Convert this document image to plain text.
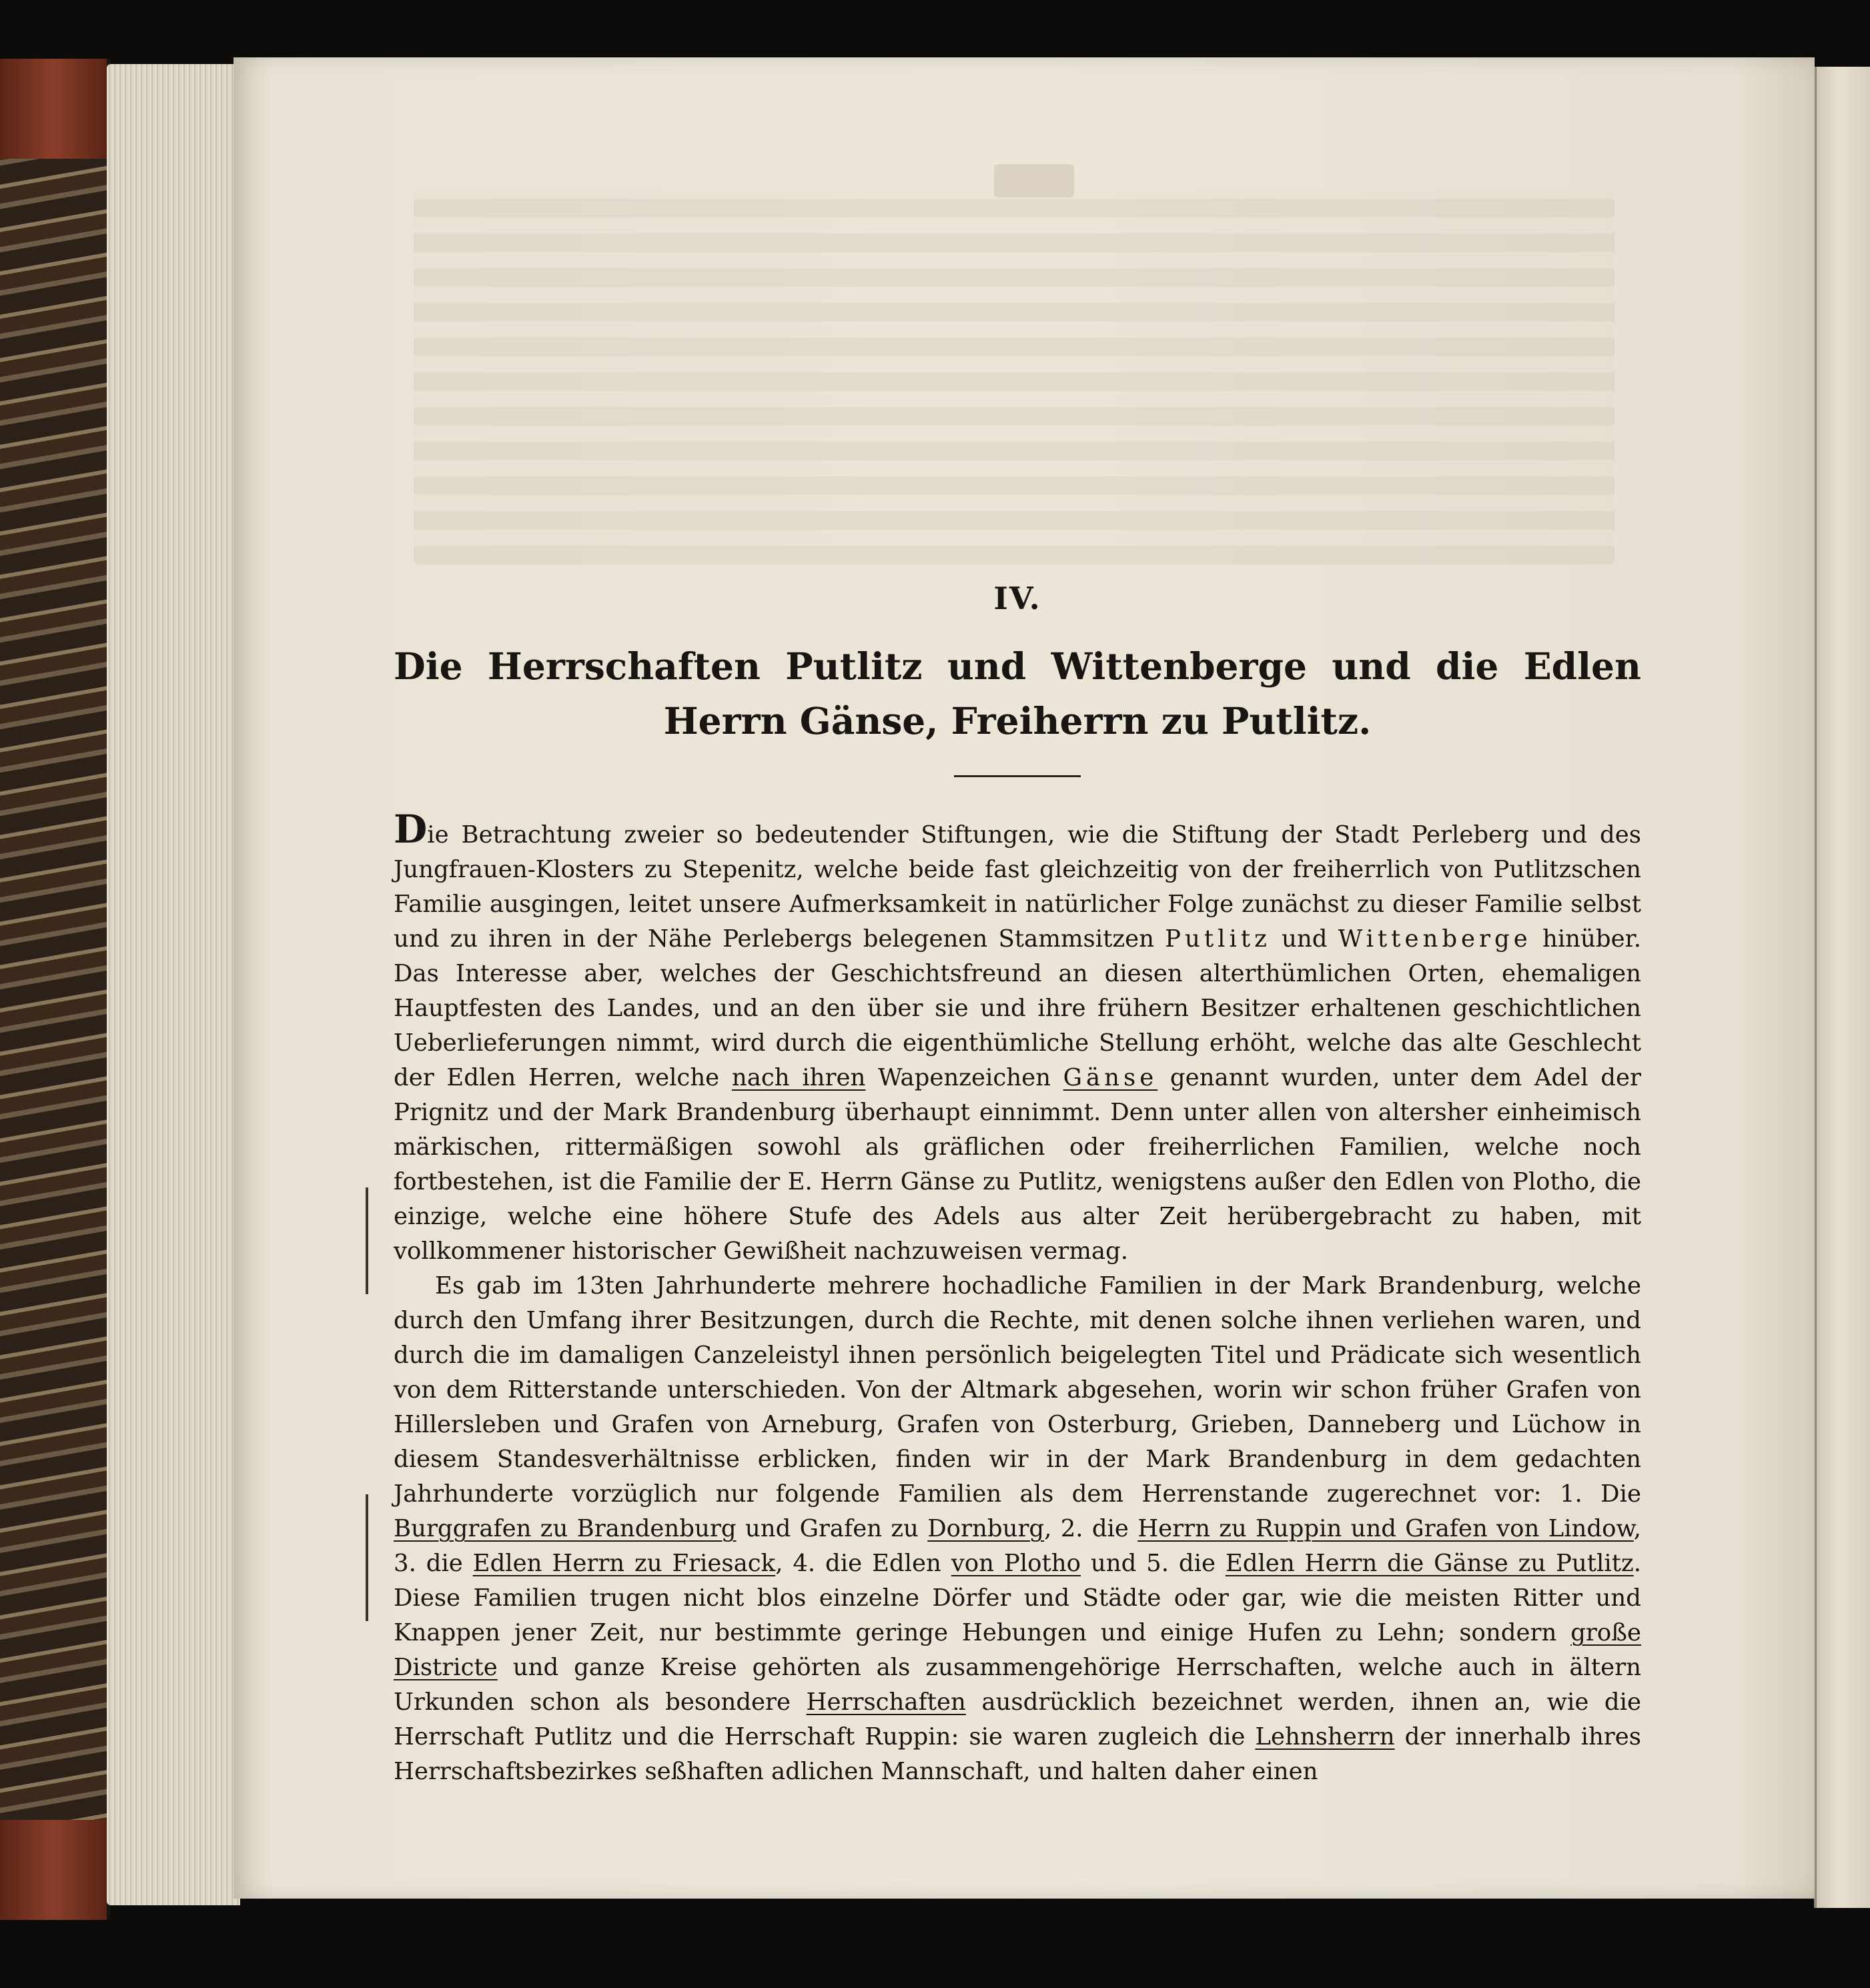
IV.
Die Herrschaften Putlitz und Wittenberge und die Edlen Herrn Gänse, Freiherrn zu Putlitz.

Die Betrachtung zweier so bedeutender Stiftungen, wie die Stiftung der Stadt Perleberg und des Jungfrauen-Klosters zu Stepenitz, welche beide fast gleichzeitig von der freiherrlich von Putlitzschen Familie ausgingen, leitet unsere Aufmerksamkeit in natürlicher Folge zunächst zu dieser Familie selbst und zu ihren in der Nähe Perlebergs belegenen Stammsitzen Putlitz und Wittenberge hinüber. Das Interesse aber, welches der Geschichtsfreund an diesen alterthümlichen Orten, ehemaligen Hauptfesten des Landes, und an den über sie und ihre frühern Besitzer erhaltenen geschichtlichen Ueberlieferungen nimmt, wird durch die eigenthümliche Stellung erhöht, welche das alte Geschlecht der Edlen Herren, welche nach ihren Wapenzeichen Gänse genannt wurden, unter dem Adel der Prignitz und der Mark Brandenburg überhaupt einnimmt. Denn unter allen von altersher einheimisch märkischen, rittermäßigen sowohl als gräflichen oder freiherrlichen Familien, welche noch fortbestehen, ist die Familie der E. Herrn Gänse zu Putlitz, wenigstens außer den Edlen von Plotho, die einzige, welche eine höhere Stufe des Adels aus alter Zeit herübergebracht zu haben, mit vollkommener historischer Gewißheit nachzuweisen vermag.

Es gab im 13ten Jahrhunderte mehrere hochadliche Familien in der Mark Brandenburg, welche durch den Umfang ihrer Besitzungen, durch die Rechte, mit denen solche ihnen verliehen waren, und durch die im damaligen Canzeleistyl ihnen persönlich beigelegten Titel und Prädicate sich wesentlich von dem Ritterstande unterschieden. Von der Altmark abgesehen, worin wir schon früher Grafen von Hillersleben und Grafen von Arneburg, Grafen von Osterburg, Grieben, Danneberg und Lüchow in diesem Standesverhältnisse erblicken, finden wir in der Mark Brandenburg in dem gedachten Jahrhunderte vorzüglich nur folgende Familien als dem Herrenstande zugerechnet vor: 1. Die Burggrafen zu Brandenburg und Grafen zu Dornburg, 2. die Herrn zu Ruppin und Grafen von Lindow, 3. die Edlen Herrn zu Friesack, 4. die Edlen von Plotho und 5. die Edlen Herrn die Gänse zu Putlitz. Diese Familien trugen nicht blos einzelne Dörfer und Städte oder gar, wie die meisten Ritter und Knappen jener Zeit, nur bestimmte geringe Hebungen und einige Hufen zu Lehn; sondern große Districte und ganze Kreise gehörten als zusammengehörige Herrschaften, welche auch in ältern Urkunden schon als besondere Herrschaften ausdrücklich bezeichnet werden, ihnen an, wie die Herrschaft Putlitz und die Herrschaft Ruppin: sie waren zugleich die Lehnsherrn der innerhalb ihres Herrschaftsbezirkes seßhaften adlichen Mannschaft, und halten daher einen
